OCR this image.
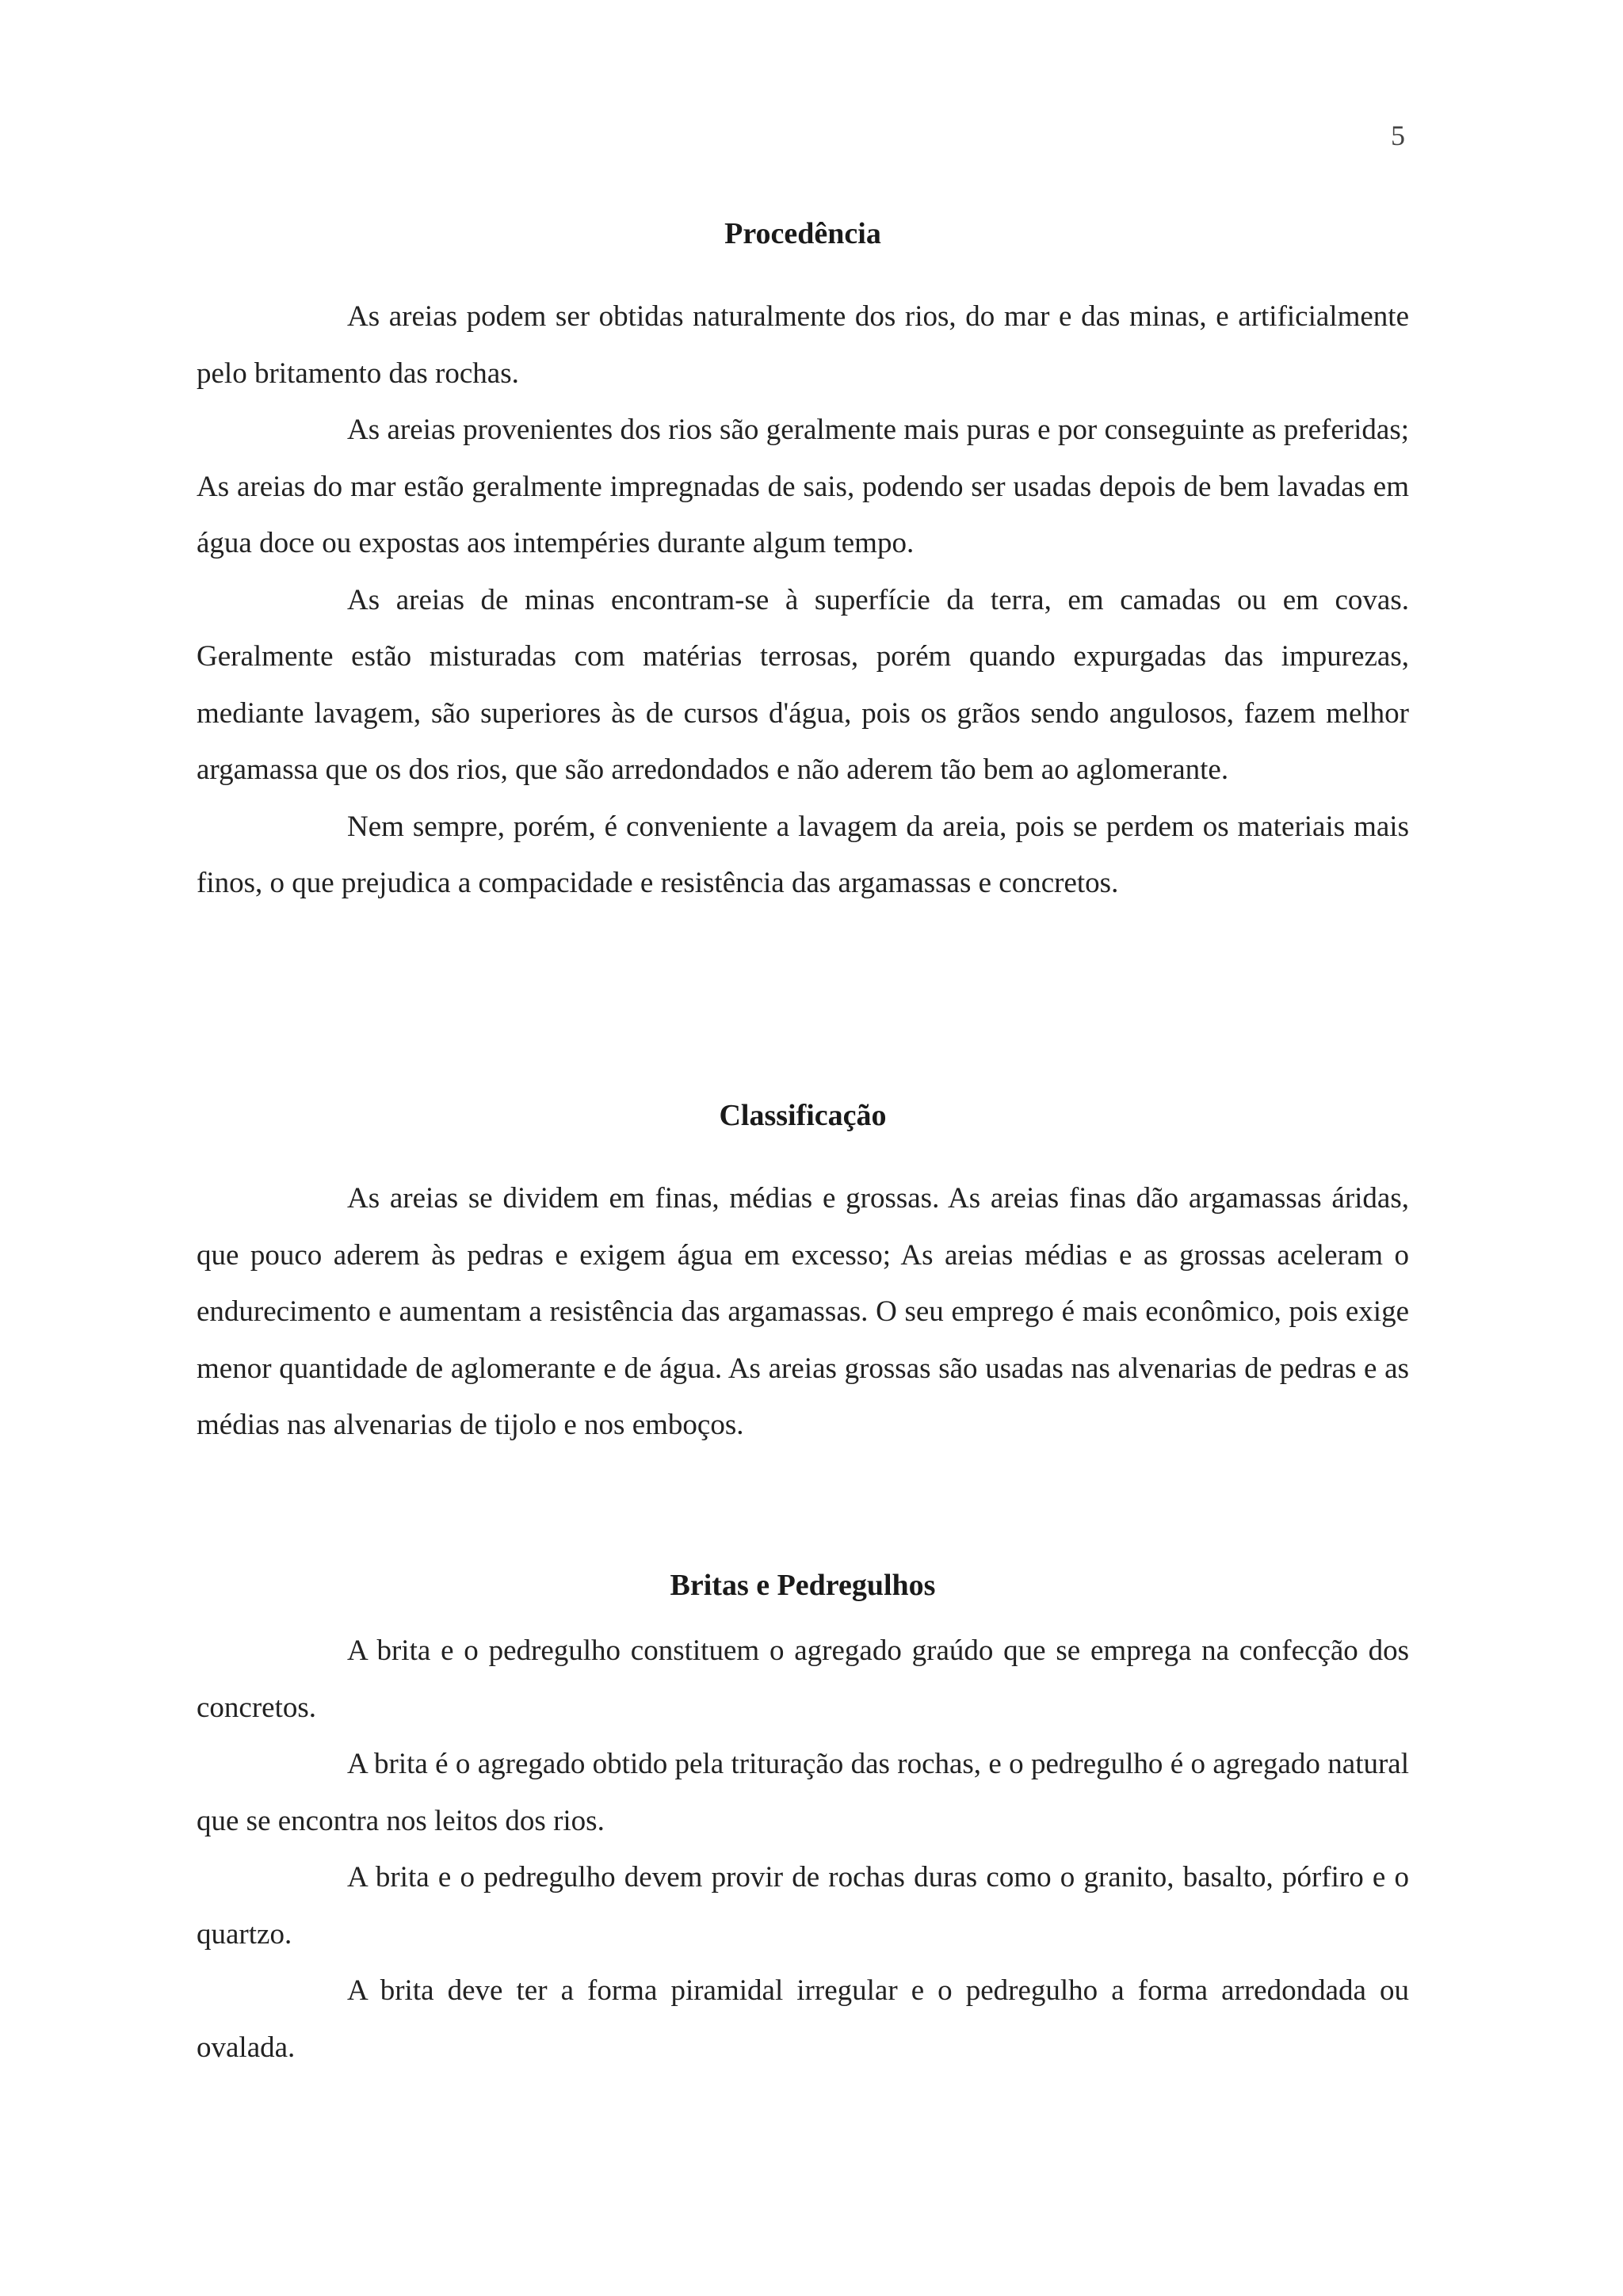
5
Procedência

As areias podem ser obtidas naturalmente dos rios, do mar e das minas, e artificialmente pelo britamento das rochas.

As areias provenientes dos rios são geralmente mais puras e por conseguinte as preferidas; As areias do mar estão geralmente impregnadas de sais, podendo ser usadas depois de bem lavadas em água doce ou expostas aos intempéries durante algum tempo.

As areias de minas encontram-se à superfície da terra, em camadas ou em covas. Geralmente estão misturadas com matérias terrosas, porém quando expurgadas das impurezas, mediante lavagem, são superiores às de cursos d'água, pois os grãos sendo angulosos, fazem melhor argamassa que os dos rios, que são arredondados e não aderem tão bem ao aglomerante.

Nem sempre, porém, é conveniente a lavagem da areia, pois se perdem os materiais mais finos, o que prejudica a compacidade e resistência das argamassas e concretos.

Classificação

As areias se dividem em finas, médias e grossas. As areias finas dão argamassas áridas, que pouco aderem às pedras e exigem água em excesso; As areias médias e as grossas aceleram o endurecimento e aumentam a resistência das argamassas. O seu emprego é mais econômico, pois exige menor quantidade de aglomerante e de água. As areias grossas são usadas nas alvenarias de pedras e as médias nas alvenarias de tijolo e nos emboços.

Britas e Pedregulhos

A brita e o pedregulho constituem o agregado graúdo que se emprega na confecção dos concretos.

A brita é o agregado obtido pela trituração das rochas, e o pedregulho é o agregado natural que se encontra nos leitos dos rios.

A brita e o pedregulho devem provir de rochas duras como o granito, basalto, pórfiro e o quartzo.

A brita deve ter a forma piramidal irregular e o pedregulho a forma arredondada ou ovalada.
